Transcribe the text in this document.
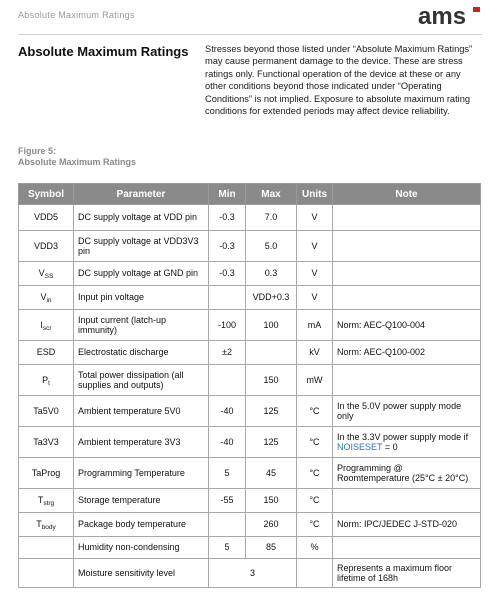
Absolute Maximum Ratings	ams
Absolute Maximum Ratings Stresses beyond those listed under “Absolute Maximum Ratings” may cause permanent damage to the device. These are stress ratings only. Functional operation of the device at these or any other conditions beyond those indicated under “Operating Conditions” is not implied. Exposure to absolute maximum rating conditions for extended periods may affect device reliability.
Figure 5:
Absolute Maximum Ratings
Symbol	Parameter	Min	Max	Units	Note
VDD5	DC supply voltage at VDD pin	-0.3	7.0	V	
VDD3	DC supply voltage at VDD3V3 pin	-0.3	5.0	V	
$V_{SS}$	DC supply voltage at GND pin	-0.3	0.3	V	
$V_{in}$	Input pin voltage		VDD+0.3	V	
$I_{scr}$	Input current (latch-up immunity)	-100	100	mA	Norm: AEC-Q100-004
ESD	Electrostatic discharge	±2		kV	Norm: AEC-Q100-002
$P_t$	Total power dissipation (all supplies and outputs)		150	mW	
Ta5V0	Ambient temperature 5V0	-40	125	°C	In the 5.0V power supply mode only
Ta3V3	Ambient temperature 3V3	-40	125	°C	In the 3.3V power supply mode if
NOISESET = 0
TaProg	Programming Temperature	5	45	°C	Programming @ Roomtemperature (25°C ± 20°C)
$T_{strg}$	Storage temperature	-55	150	°C	
$T_{body}$	Package body temperature		260	°C	Norm: IPC/JEDEC J-STD-020
	Humidity non-condensing	5	85	%	
	Moisture sensitivity level	3			Represents a maximum floor lifetime of 168h
